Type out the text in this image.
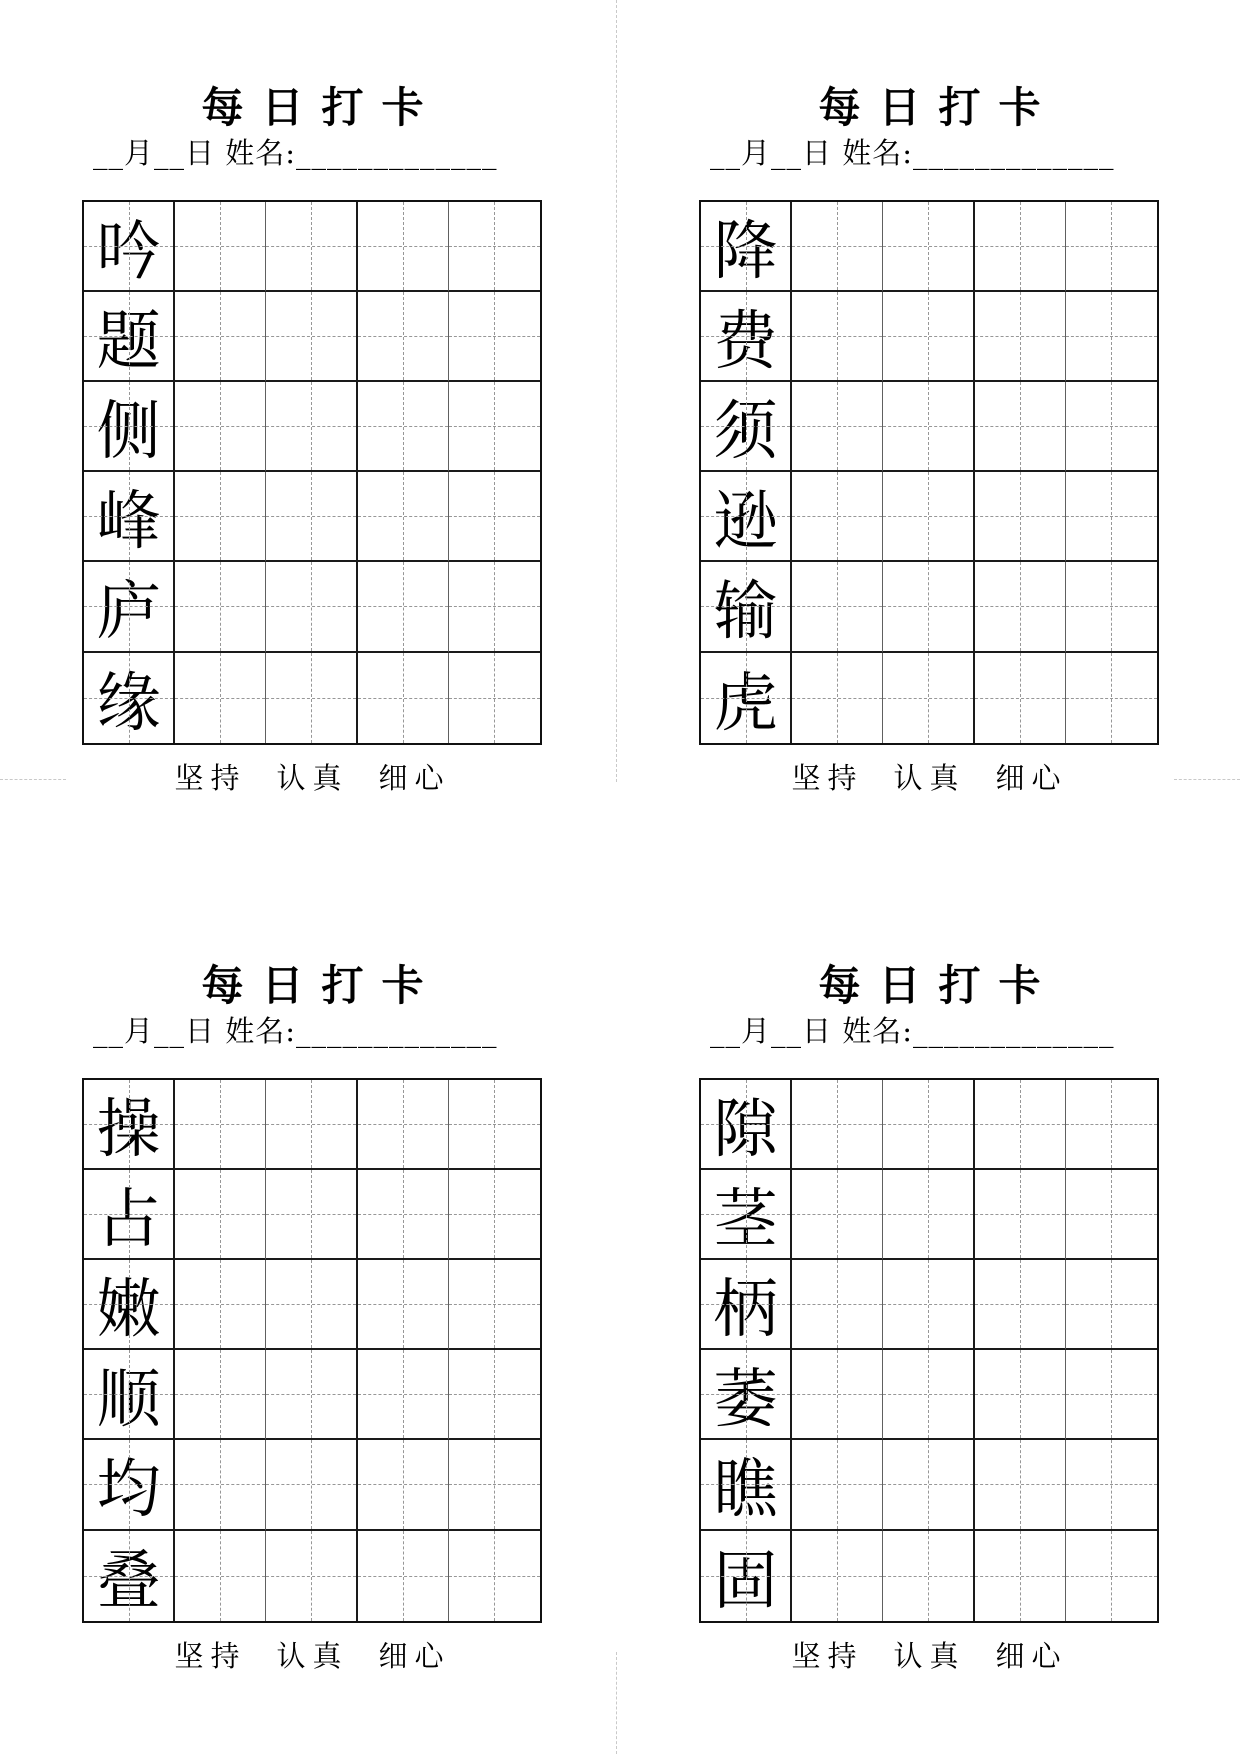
每日打卡
__月__日 姓名:_____________
吟
题
侧
峰
庐
缘
坚持 认真 细心
每日打卡
__月__日 姓名:_____________
降
费
须
逊
输
虎
坚持 认真 细心
每日打卡
__月__日 姓名:_____________
操
占
嫩
顺
均
叠
坚持 认真 细心
每日打卡
__月__日 姓名:_____________
隙
茎
柄
萎
瞧
固
坚持 认真 细心
